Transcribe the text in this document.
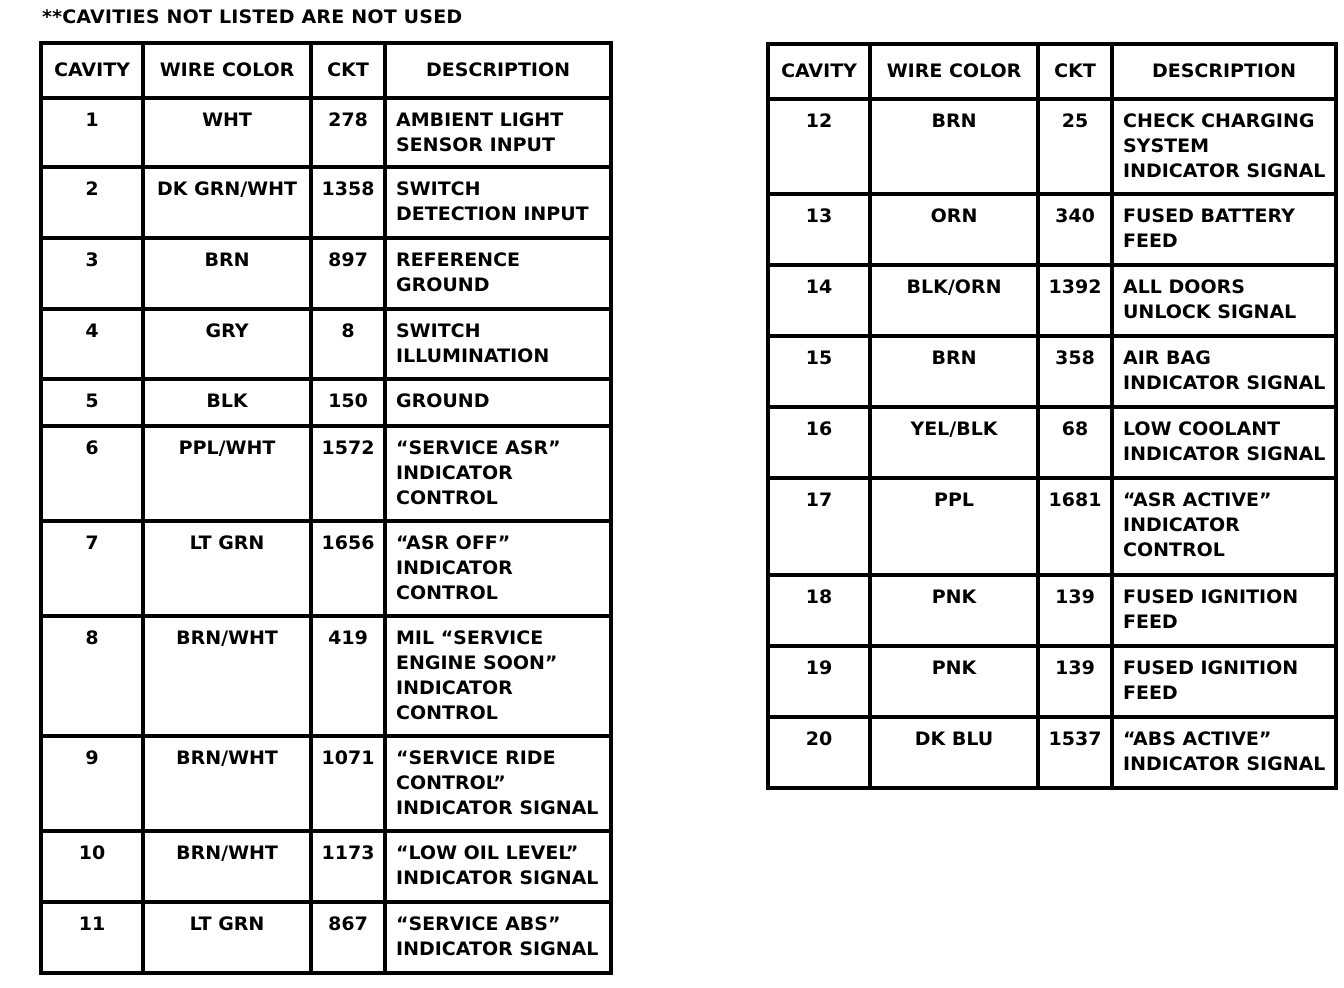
**CAVITIES NOT LISTED ARE NOT USED
CAVITY	WIRE COLOR	CKT	DESCRIPTION
1	WHT	278	AMBIENT LIGHT
SENSOR INPUT

2	DK GRN/WHT	1358	SWITCH
DETECTION INPUT

3	BRN	897	REFERENCE
GROUND

4	GRY	8	SWITCH
ILLUMINATION

5	BLK	150	GROUND

6	PPL/WHT	1572	“SERVICE ASR”
INDICATOR
CONTROL

7	LT GRN	1656	“ASR OFF”
INDICATOR
CONTROL

8	BRN/WHT	419	MIL “SERVICE
ENGINE SOON”
INDICATOR
CONTROL

9	BRN/WHT	1071	“SERVICE RIDE
CONTROL”
INDICATOR SIGNAL

10	BRN/WHT	1173	“LOW OIL LEVEL”
INDICATOR SIGNAL

11	LT GRN	867	“SERVICE ABS”
INDICATOR SIGNAL
CAVITY	WIRE COLOR	CKT	DESCRIPTION
12	BRN	25	CHECK CHARGING
SYSTEM
INDICATOR SIGNAL

13	ORN	340	FUSED BATTERY
FEED

14	BLK/ORN	1392	ALL DOORS
UNLOCK SIGNAL

15	BRN	358	AIR BAG
INDICATOR SIGNAL

16	YEL/BLK	68	LOW COOLANT
INDICATOR SIGNAL

17	PPL	1681	“ASR ACTIVE”
INDICATOR
CONTROL

18	PNK	139	FUSED IGNITION
FEED

19	PNK	139	FUSED IGNITION
FEED

20	DK BLU	1537	“ABS ACTIVE”
INDICATOR SIGNAL
